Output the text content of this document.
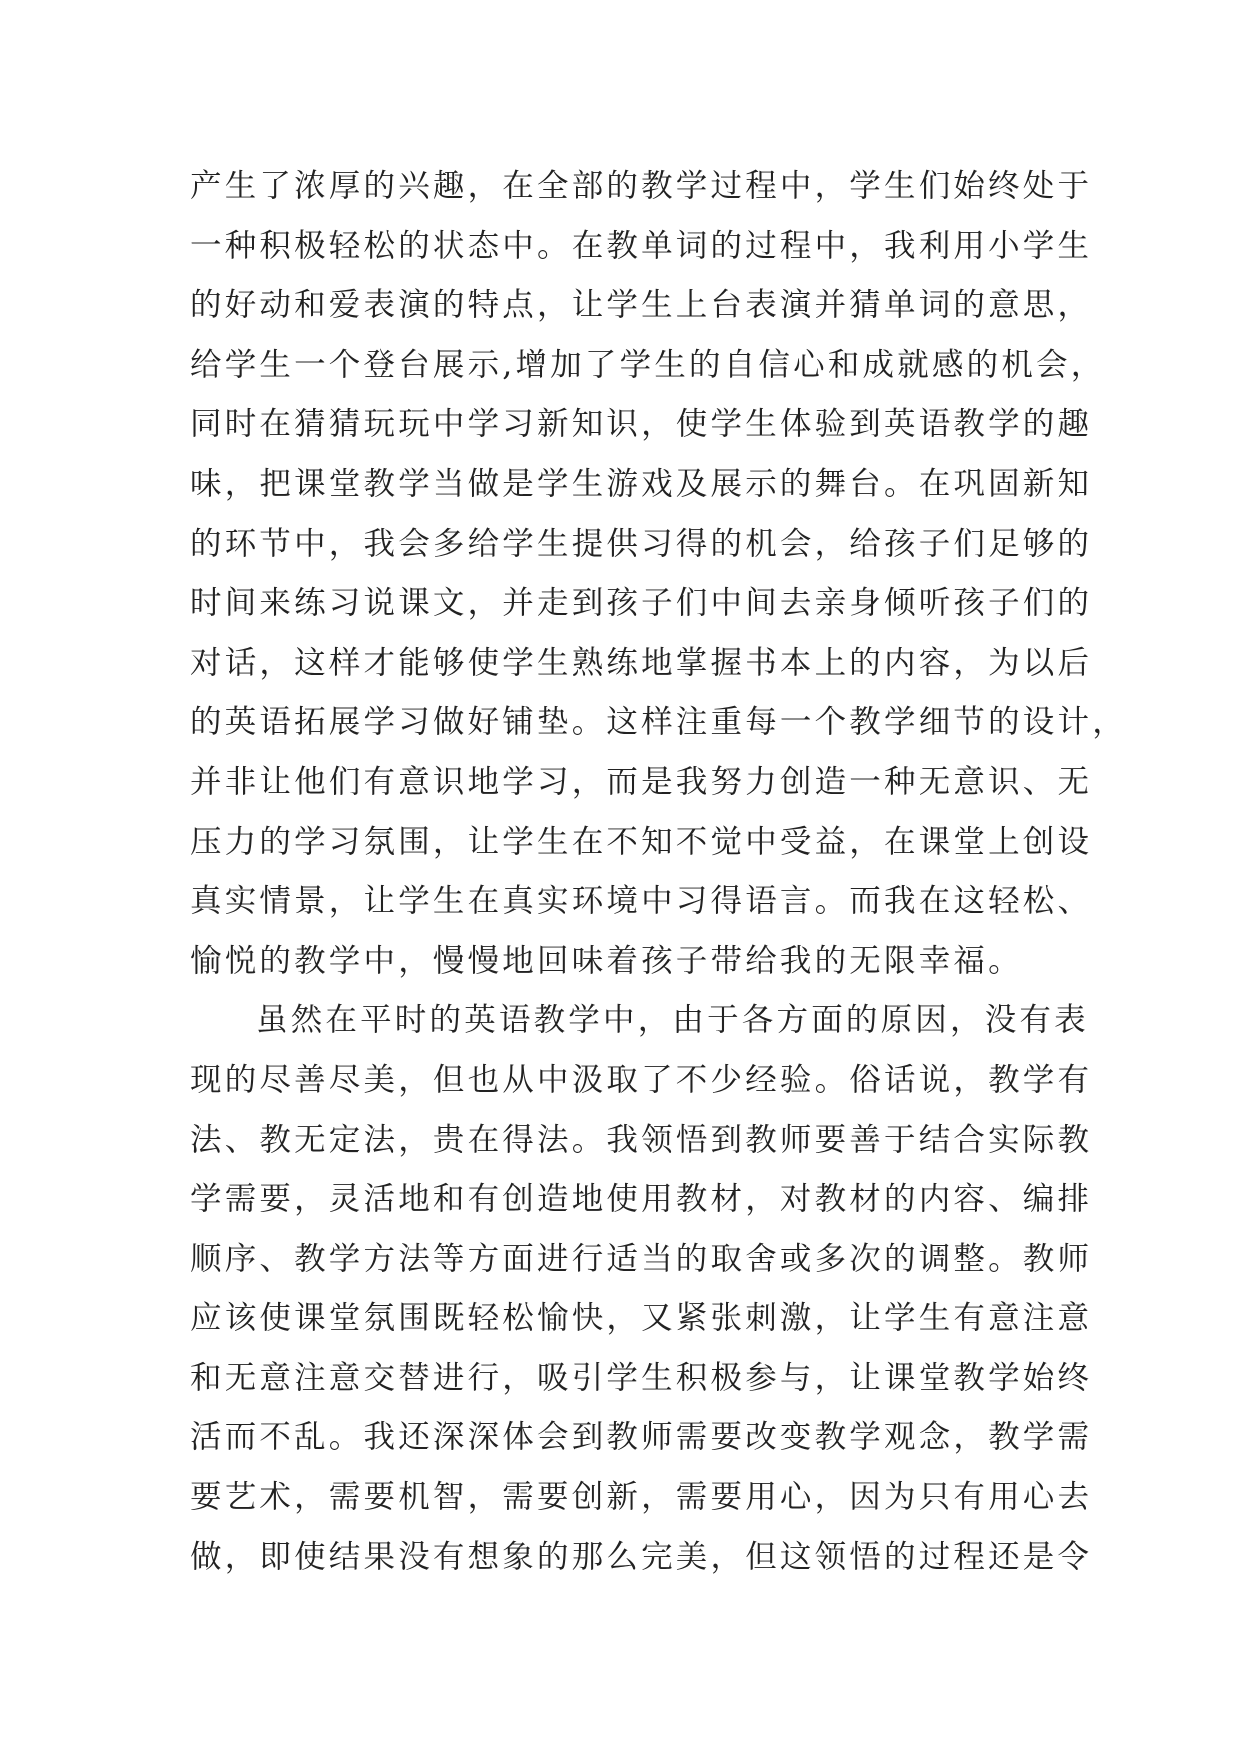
产生了浓厚的兴趣，在全部的教学过程中，学生们始终处于
一种积极轻松的状态中。在教单词的过程中，我利用小学生
的好动和爱表演的特点，让学生上台表演并猜单词的意思，
给学生一个登台展示,增加了学生的自信心和成就感的机会，
同时在猜猜玩玩中学习新知识，使学生体验到英语教学的趣
味，把课堂教学当做是学生游戏及展示的舞台。在巩固新知
的环节中，我会多给学生提供习得的机会，给孩子们足够的
时间来练习说课文，并走到孩子们中间去亲身倾听孩子们的
对话，这样才能够使学生熟练地掌握书本上的内容，为以后
的英语拓展学习做好铺垫。这样注重每一个教学细节的设计，
并非让他们有意识地学习，而是我努力创造一种无意识、无
压力的学习氛围，让学生在不知不觉中受益，在课堂上创设
真实情景，让学生在真实环境中习得语言。而我在这轻松、
愉悦的教学中，慢慢地回味着孩子带给我的无限幸福。
虽然在平时的英语教学中，由于各方面的原因，没有表
现的尽善尽美，但也从中汲取了不少经验。俗话说，教学有
法、教无定法，贵在得法。我领悟到教师要善于结合实际教
学需要，灵活地和有创造地使用教材，对教材的内容、编排
顺序、教学方法等方面进行适当的取舍或多次的调整。教师
应该使课堂氛围既轻松愉快，又紧张刺激，让学生有意注意
和无意注意交替进行，吸引学生积极参与，让课堂教学始终
活而不乱。我还深深体会到教师需要改变教学观念，教学需
要艺术，需要机智，需要创新，需要用心，因为只有用心去
做，即使结果没有想象的那么完美，但这领悟的过程还是令
